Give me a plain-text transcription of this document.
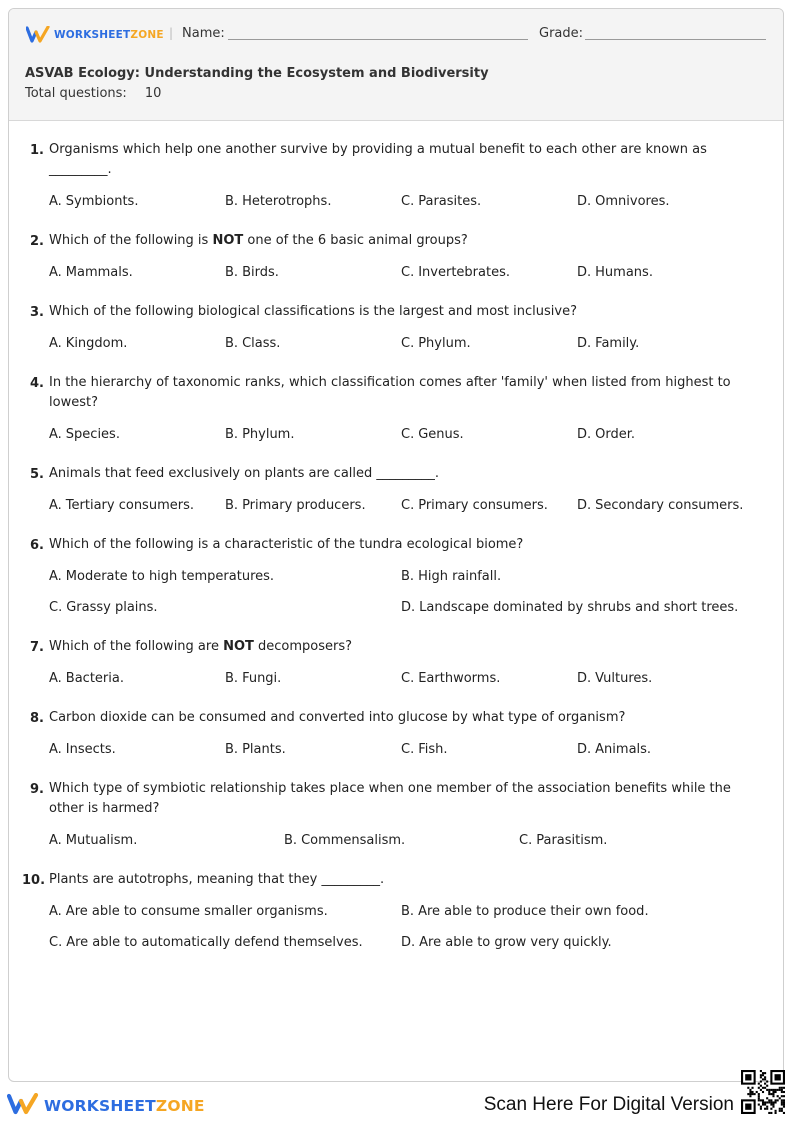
WORKSHEETZONE | Name:	Grade:
ASVAB Ecology: Understanding the Ecosystem and Biodiversity
Total questions: 10
1. Organisms which help one another survive by providing a mutual benefit to each other are known as _________.
A. Symbionts.	B. Heterotrophs.	C. Parasites.	D. Omnivores.
2. Which of the following is NOT one of the 6 basic animal groups?
A. Mammals.	B. Birds.	C. Invertebrates.	D. Humans.
3. Which of the following biological classifications is the largest and most inclusive?
A. Kingdom.	B. Class.	C. Phylum.	D. Family.
4. In the hierarchy of taxonomic ranks, which classification comes after 'family' when listed from highest to lowest?
A. Species.	B. Phylum.	C. Genus.	D. Order.
5. Animals that feed exclusively on plants are called _________.
A. Tertiary consumers. B. Primary producers.	C. Primary consumers. D. Secondary consumers.
6. Which of the following is a characteristic of the tundra ecological biome?
A. Moderate to high temperatures.	B. High rainfall.
C. Grassy plains.	D. Landscape dominated by shrubs and short trees.
7. Which of the following are NOT decomposers?
A. Bacteria.	B. Fungi.	C. Earthworms.	D. Vultures.
8. Carbon dioxide can be consumed and converted into glucose by what type of organism?
A. Insects.	B. Plants.	C. Fish.	D. Animals.
9. Which type of symbiotic relationship takes place when one member of the association benefits while the other is harmed?
A. Mutualism.	B. Commensalism.	C. Parasitism.
10. Plants are autotrophs, meaning that they _________.
A. Are able to consume smaller organisms.	B. Are able to produce their own food.
C. Are able to automatically defend themselves.	D. Are able to grow very quickly.
WORKSHEETZONE	Scan Here For Digital Version
